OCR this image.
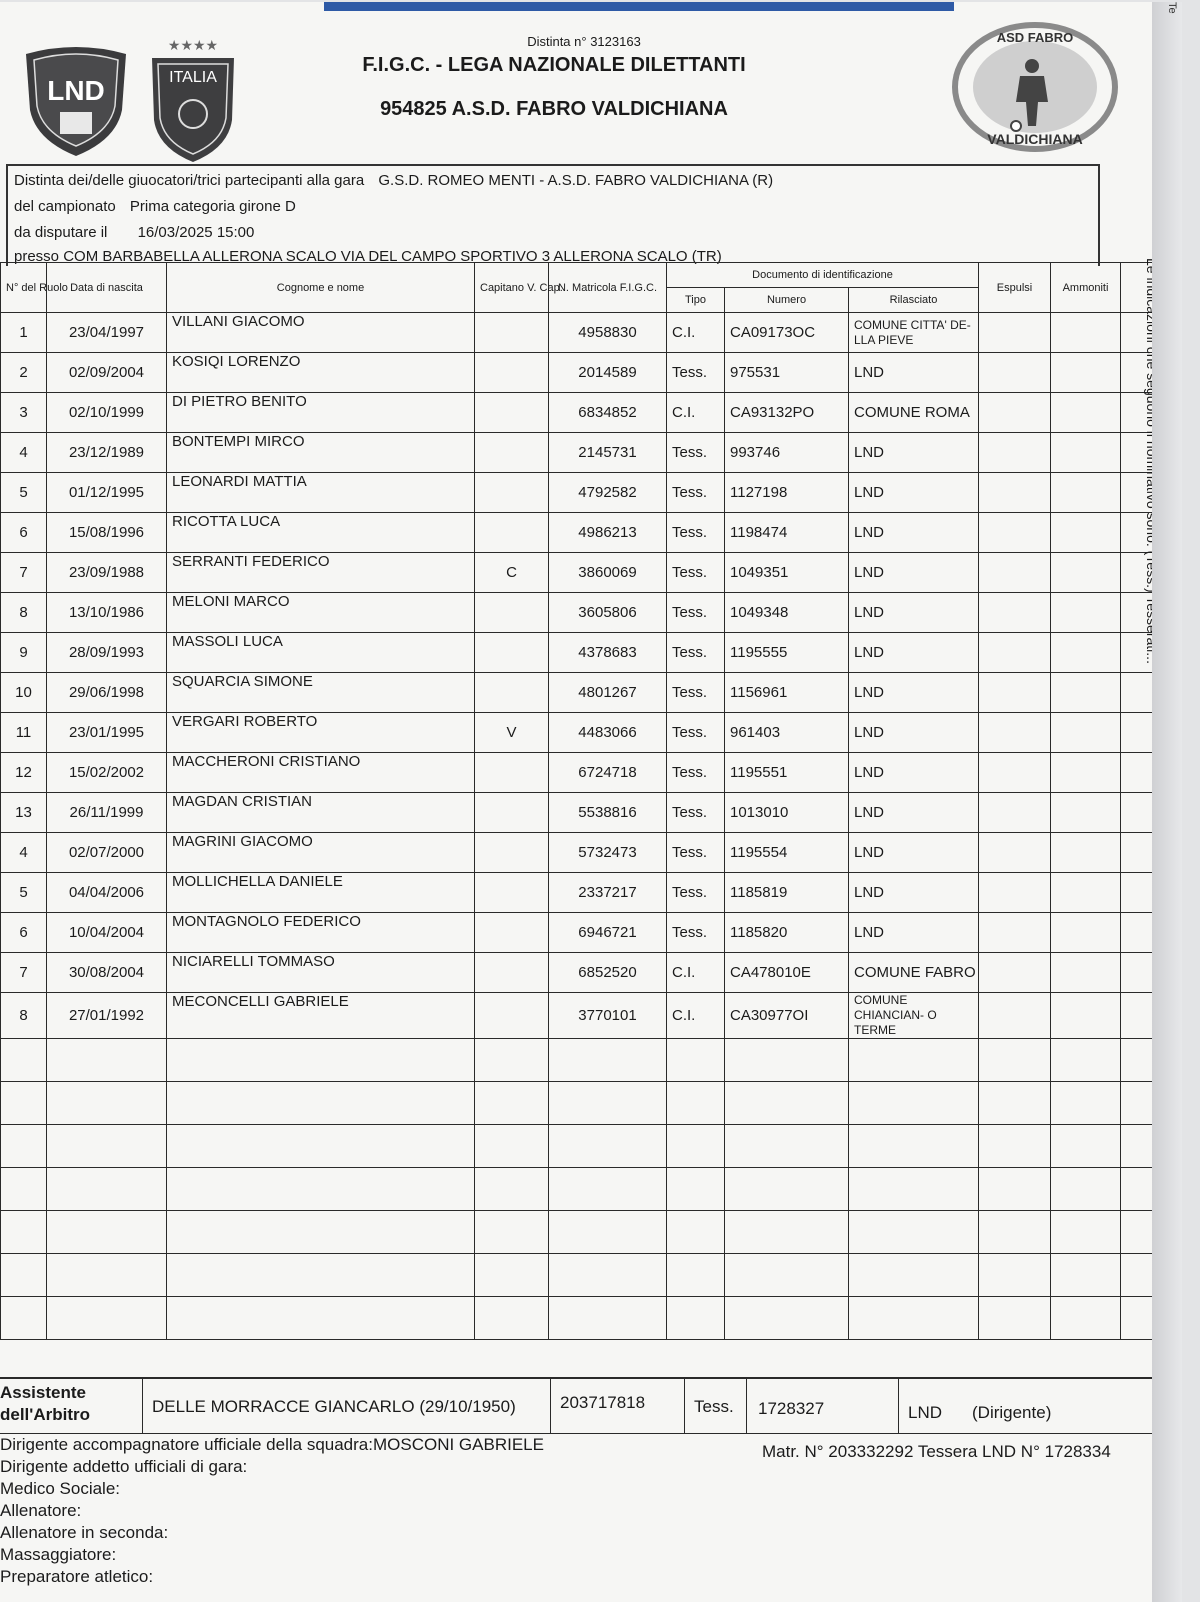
LND
★★★★
ITALIA
Distinta n° 3123163
F.I.G.C. - LEGA NAZIONALE DILETTANTI
954825 A.S.D. FABRO VALDICHIANA
ASD FABRO
VALDICHIANA
Distinta dei/delle giuocatori/trici partecipanti alla gara G.S.D. ROMEO MENTI - A.S.D. FABRO VALDICHIANA (R)
del campionato Prima categoria girone D
da disputare il 16/03/2025 15:00
presso COM BARBABELLA ALLERONA SCALO VIA DEL CAMPO SPORTIVO 3 ALLERONA SCALO (TR)
N° del Ruolo	Data di nascita	Cognome e nome	Capitano V. Cap.	N. Matricola F.I.G.C.	Documento di identificazione			Espulsi	Ammoniti	
					Tipo	Numero	Rilasciato			
1	23/04/1997	VILLANI GIACOMO		4958830	C.I.	CA09173OC	COMUNE CITTA' DE- LLA PIEVE			
2	02/09/2004	KOSIQI LORENZO		2014589	Tess.	975531	LND			
3	02/10/1999	DI PIETRO BENITO		6834852	C.I.	CA93132PO	COMUNE ROMA			
4	23/12/1989	BONTEMPI MIRCO		2145731	Tess.	993746	LND			
5	01/12/1995	LEONARDI MATTIA		4792582	Tess.	1127198	LND			
6	15/08/1996	RICOTTA LUCA		4986213	Tess.	1198474	LND			
7	23/09/1988	SERRANTI FEDERICO	C	3860069	Tess.	1049351	LND			
8	13/10/1986	MELONI MARCO		3605806	Tess.	1049348	LND			
9	28/09/1993	MASSOLI LUCA		4378683	Tess.	1195555	LND			
10	29/06/1998	SQUARCIA SIMONE		4801267	Tess.	1156961	LND			
11	23/01/1995	VERGARI ROBERTO	V	4483066	Tess.	961403	LND			
12	15/02/2002	MACCHERONI CRISTIANO		6724718	Tess.	1195551	LND			
13	26/11/1999	MAGDAN CRISTIAN		5538816	Tess.	1013010	LND			
4	02/07/2000	MAGRINI GIACOMO		5732473	Tess.	1195554	LND			
5	04/04/2006	MOLLICHELLA DANIELE		2337217	Tess.	1185819	LND			
6	10/04/2004	MONTAGNOLO FEDERICO		6946721	Tess.	1185820	LND			
7	30/08/2004	NICIARELLI TOMMASO		6852520	C.I.	CA478010E	COMUNE FABRO			
8	27/01/1992	MECONCELLI GABRIELE		3770101	C.I.	CA30977OI	COMUNE CHIANCIAN- O TERME			

Assistente
dell'Arbitro	DELLE MORRACCE GIANCARLO (29/10/1950)	203717818	Tess. 1728327	LND (Dirigente)
Dirigente accompagnatore ufficiale della squadra:MOSCONI GABRIELE
Dirigente addetto ufficiali di gara:
Medico Sociale:
Allenatore:
Allenatore in seconda:
Massaggiatore:
Preparatore atletico:
Matr. N° 203332292 Tessera LND N° 1728334
Te
